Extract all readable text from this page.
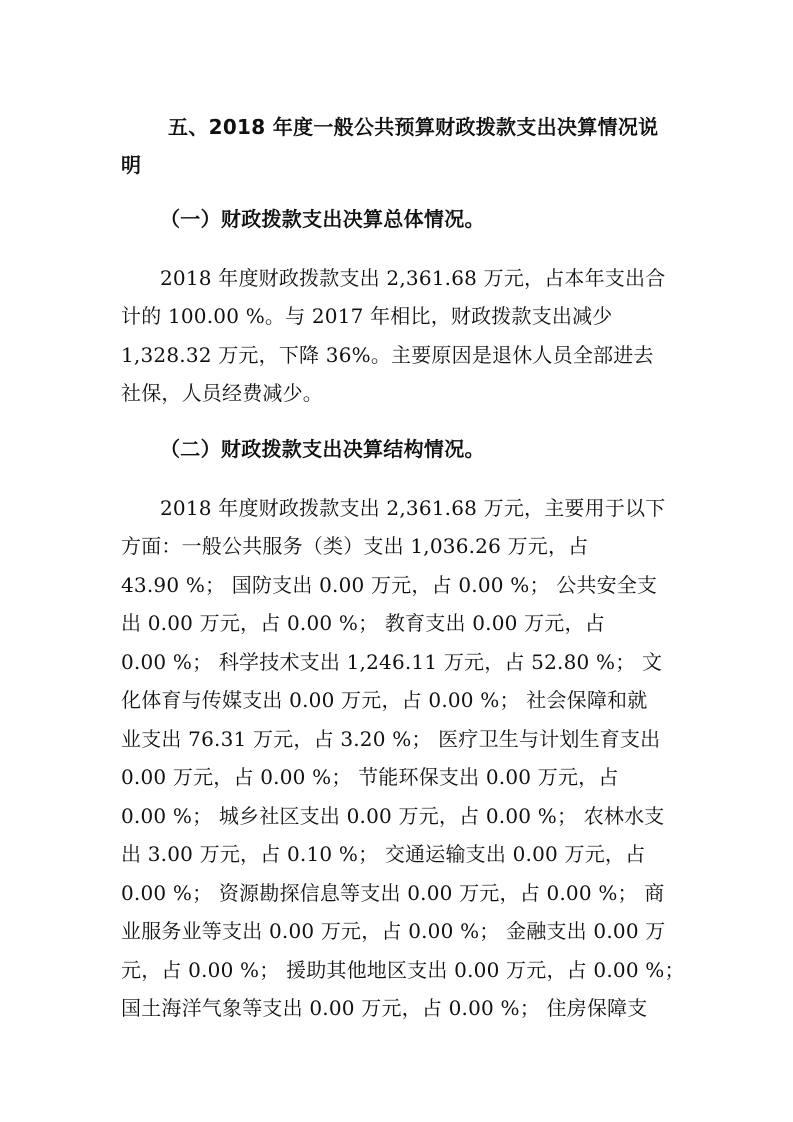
五、2018 年度一般公共预算财政拨款支出决算情况说
明
（一）财政拨款支出决算总体情况。

2018 年度财政拨款支出 2,361.68 万元，占本年支出合

计的 100.00 %。与 2017 年相比，财政拨款支出减少

1,328.32 万元，下降 36%。主要原因是退休人员全部进去

社保，人员经费减少。

（二）财政拨款支出决算结构情况。

2018 年度财政拨款支出 2,361.68 万元，主要用于以下

方面：一般公共服务（类）支出 1,036.26 万元，占

43.90 %； 国防支出 0.00 万元，占 0.00 %； 公共安全支

出 0.00 万元，占 0.00 %； 教育支出 0.00 万元，占

0.00 %； 科学技术支出 1,246.11 万元，占 52.80 %； 文

化体育与传媒支出 0.00 万元，占 0.00 %； 社会保障和就

业支出 76.31 万元，占 3.20 %； 医疗卫生与计划生育支出

0.00 万元，占 0.00 %； 节能环保支出 0.00 万元，占

0.00 %； 城乡社区支出 0.00 万元，占 0.00 %； 农林水支

出 3.00 万元，占 0.10 %； 交通运输支出 0.00 万元，占

0.00 %； 资源勘探信息等支出 0.00 万元，占 0.00 %； 商

业服务业等支出 0.00 万元，占 0.00 %； 金融支出 0.00 万

元，占 0.00 %； 援助其他地区支出 0.00 万元，占 0.00 %；

国土海洋气象等支出 0.00 万元，占 0.00 %； 住房保障支
